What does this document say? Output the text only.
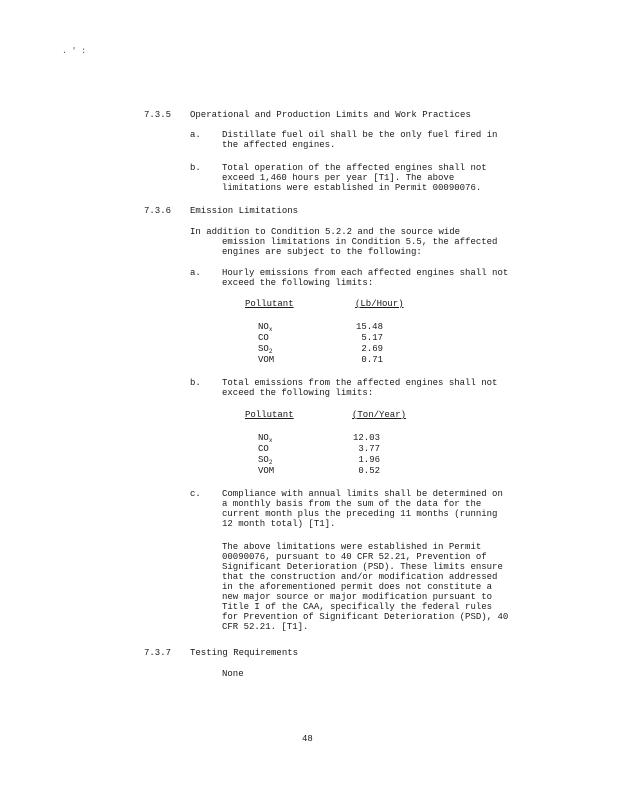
. ' :
7.3.5 Operational and Production Limits and Work Practices
a. Distillate fuel oil shall be the only fuel fired in
the affected engines.
b. Total operation of the affected engines shall not
exceed 1,460 hours per year [T1]. The above
limitations were established in Permit 00090076.
7.3.6 Emission Limitations
In addition to Condition 5.2.2 and the source wide
emission limitations in Condition 5.5, the affected
engines are subject to the following:
a. Hourly emissions from each affected engines shall not
exceed the following limits:
Pollutant	(Lb/Hour)
$NO_x$	15.48
CO	5.17
$SO_2$	2.69
VOM	0.71
b. Total emissions from the affected engines shall not
exceed the following limits:
Pollutant	(Ton/Year)
$NO_x$	12.03
CO	3.77
$SO_2$	1.96
VOM	0.52
c. Compliance with annual limits shall be determined on
a monthly basis from the sum of the data for the
current month plus the preceding 11 months (running
12 month total) [T1].
The above limitations were established in Permit
00090076, pursuant to 40 CFR 52.21, Prevention of
Significant Deterioration (PSD). These limits ensure
that the construction and/or modification addressed
in the aforementioned permit does not constitute a
new major source or major modification pursuant to
Title I of the CAA, specifically the federal rules
for Prevention of Significant Deterioration (PSD), 40
CFR 52.21. [T1].
7.3.7 Testing Requirements
None
48
